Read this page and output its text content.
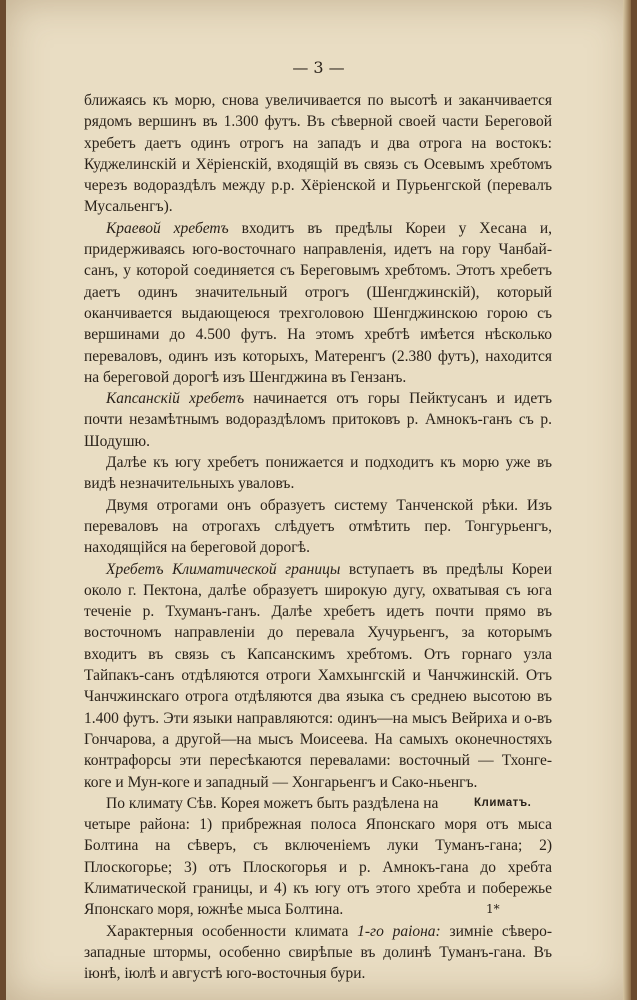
— 3 —

ближаясь къ морю, снова увеличивается по высотѣ и заканчивается рядомъ вершинъ въ 1.300 футъ. Въ сѣверной своей части Береговой хребетъ даетъ одинъ отрогъ на западъ и два отрога на востокъ: Куджелинскій и Хёріенскій, входящій въ связь съ Осевымъ хребтомъ черезъ водораздѣлъ между р.р. Хёріенской и Пурьенгской (перевалъ Мусальенгъ).

Краевой хребетъ входитъ въ предѣлы Кореи у Хесана и, придерживаясь юго-восточнаго направленія, идетъ на гору Чанбай-санъ, у которой соединяется съ Береговымъ хребтомъ. Этотъ хребетъ даетъ одинъ значительный отрогъ (Шенгджинскій), который оканчивается выдающеюся трехголовою Шенгджинскою горою съ вершинами до 4.500 футъ. На этомъ хребтѣ имѣется нѣсколько переваловъ, одинъ изъ которыхъ, Матеренгъ (2.380 футъ), находится на береговой дорогѣ изъ Шенгджина въ Гензанъ.

Капсанскій хребетъ начинается отъ горы Пейктусанъ и идетъ почти незамѣтнымъ водораздѣломъ притоковъ р. Амнокъ-ганъ съ р. Шодушю.

Далѣе къ югу хребетъ понижается и подходитъ къ морю уже въ видѣ незначительныхъ уваловъ.

Двумя отрогами онъ образуетъ систему Танченской рѣки. Изъ переваловъ на отрогахъ слѣдуетъ отмѣтить пер. Тонгурьенгъ, находящійся на береговой дорогѣ.

Хребетъ Климатической границы вступаетъ въ предѣлы Кореи около г. Пектона, далѣе образуетъ широкую дугу, охватывая съ юга теченіе р. Тхуманъ-ганъ. Далѣе хребетъ идетъ почти прямо въ восточномъ направленіи до перевала Хучурьенгъ, за которымъ входитъ въ связь съ Капсанскимъ хребтомъ. Отъ горнаго узла Тайпакъ-санъ отдѣляются отроги Хамхынгскій и Чанчжинскій. Отъ Чанчжинскаго отрога отдѣляются два языка съ среднею высотою въ 1.400 футъ. Эти языки направляются: одинъ—на мысъ Вейриха и о-въ Гончарова, а другой—на мысъ Моисеева. На самыхъ оконечностяхъ контрафорсы эти пересѣкаются перевалами: восточный — Тхонге-коге и Мун-коге и западный — Хонгарьенгъ и Сако-ньенгъ.

По климату Сѣв. Корея можетъ быть раздѣлена на	Климатъ.

четыре района: 1) прибрежная полоса Японскаго моря отъ мыса Болтина на сѣверъ, съ включеніемъ луки Туманъ-гана; 2) Плоскогорье; 3) отъ Плоскогорья и р. Амнокъ-гана до хребта Климатической границы, и 4) къ югу отъ этого хребта и побережье Японскаго моря, южнѣе мыса Болтина.

Характерныя особенности климата 1-го раіона: зимніе сѣверо-западные штормы, особенно свирѣпые въ долинѣ Туманъ-гана. Въ іюнѣ, іюлѣ и августѣ юго-восточныя бури.

1*
